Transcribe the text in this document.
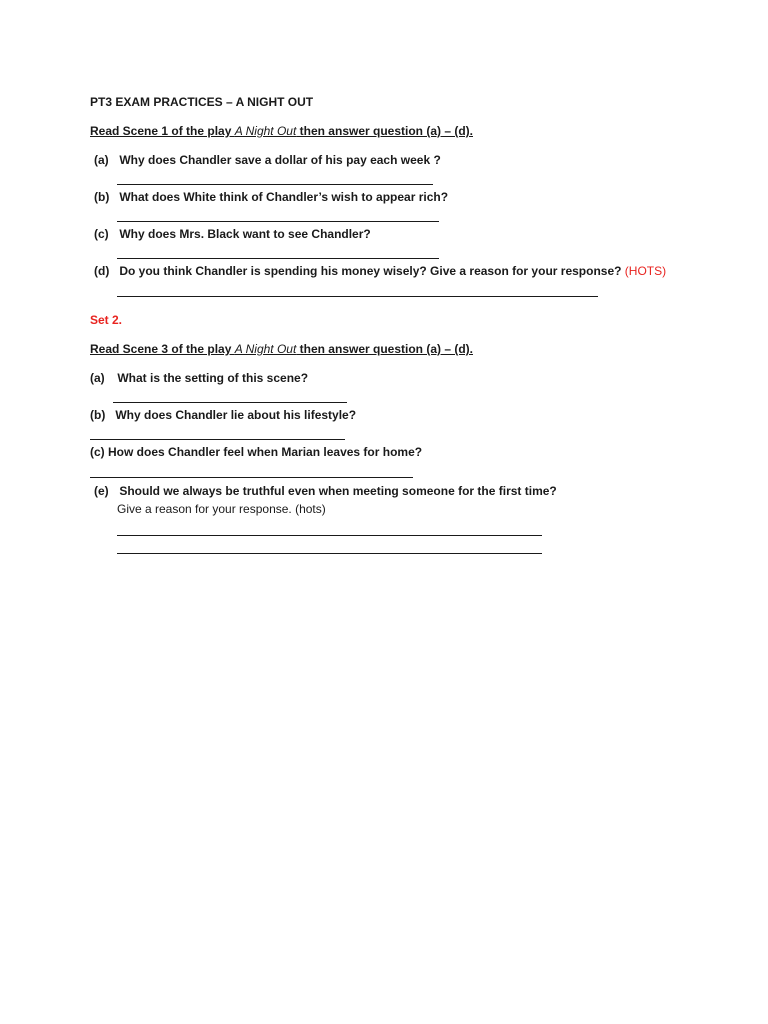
PT3 EXAM PRACTICES – A NIGHT OUT
Read Scene 1 of the play A Night Out then answer question (a) – (d).
(a) Why does Chandler save a dollar of his pay each week ?
(b) What does White think of Chandler’s wish to appear rich?
(c) Why does Mrs. Black want to see Chandler?
(d) Do you think Chandler is spending his money wisely? Give a reason for your response? (HOTS)
Set 2.
Read Scene 3 of the play A Night Out then answer question (a) – (d).
(a) What is the setting of this scene?
(b) Why does Chandler lie about his lifestyle?
(c) How does Chandler feel when Marian leaves for home?
(e) Should we always be truthful even when meeting someone for the first time?
Give a reason for your response. (hots)
